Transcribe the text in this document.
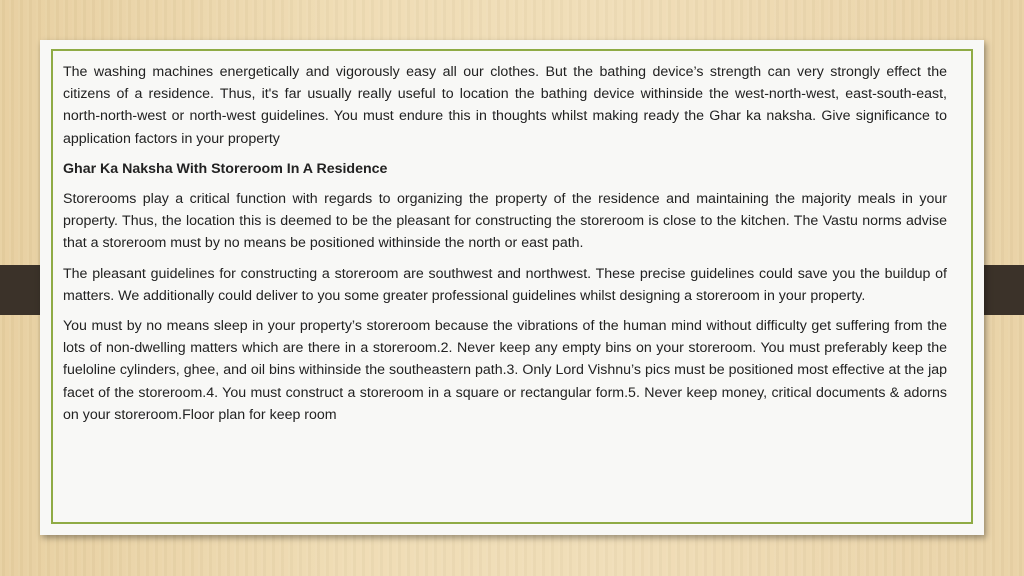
The washing machines energetically and vigorously easy all our clothes. But the bathing device’s strength can very strongly effect the citizens of a residence. Thus, it's far usually really useful to location the bathing device withinside the west-north-west, east-south-east, north-north-west or north-west guidelines. You must endure this in thoughts whilst making ready the Ghar ka naksha. Give significance to application factors in your property

Ghar Ka Naksha With Storeroom In A Residence

Storerooms play a critical function with regards to organizing the property of the residence and maintaining the majority meals in your property. Thus, the location this is deemed to be the pleasant for constructing the storeroom is close to the kitchen. The Vastu norms advise that a storeroom must by no means be positioned withinside the north or east path.

The pleasant guidelines for constructing a storeroom are southwest and northwest. These precise guidelines could save you the buildup of matters. We additionally could deliver to you some greater professional guidelines whilst designing a storeroom in your property.

You must by no means sleep in your property’s storeroom because the vibrations of the human mind without difficulty get suffering from the lots of non-dwelling matters which are there in a storeroom.2. Never keep any empty bins on your storeroom. You must preferably keep the fueloline cylinders, ghee, and oil bins withinside the southeastern path.3. Only Lord Vishnu’s pics must be positioned most effective at the jap facet of the storeroom.4. You must construct a storeroom in a square or rectangular form.5. Never keep money, critical documents & adorns on your storeroom.Floor plan for keep room
